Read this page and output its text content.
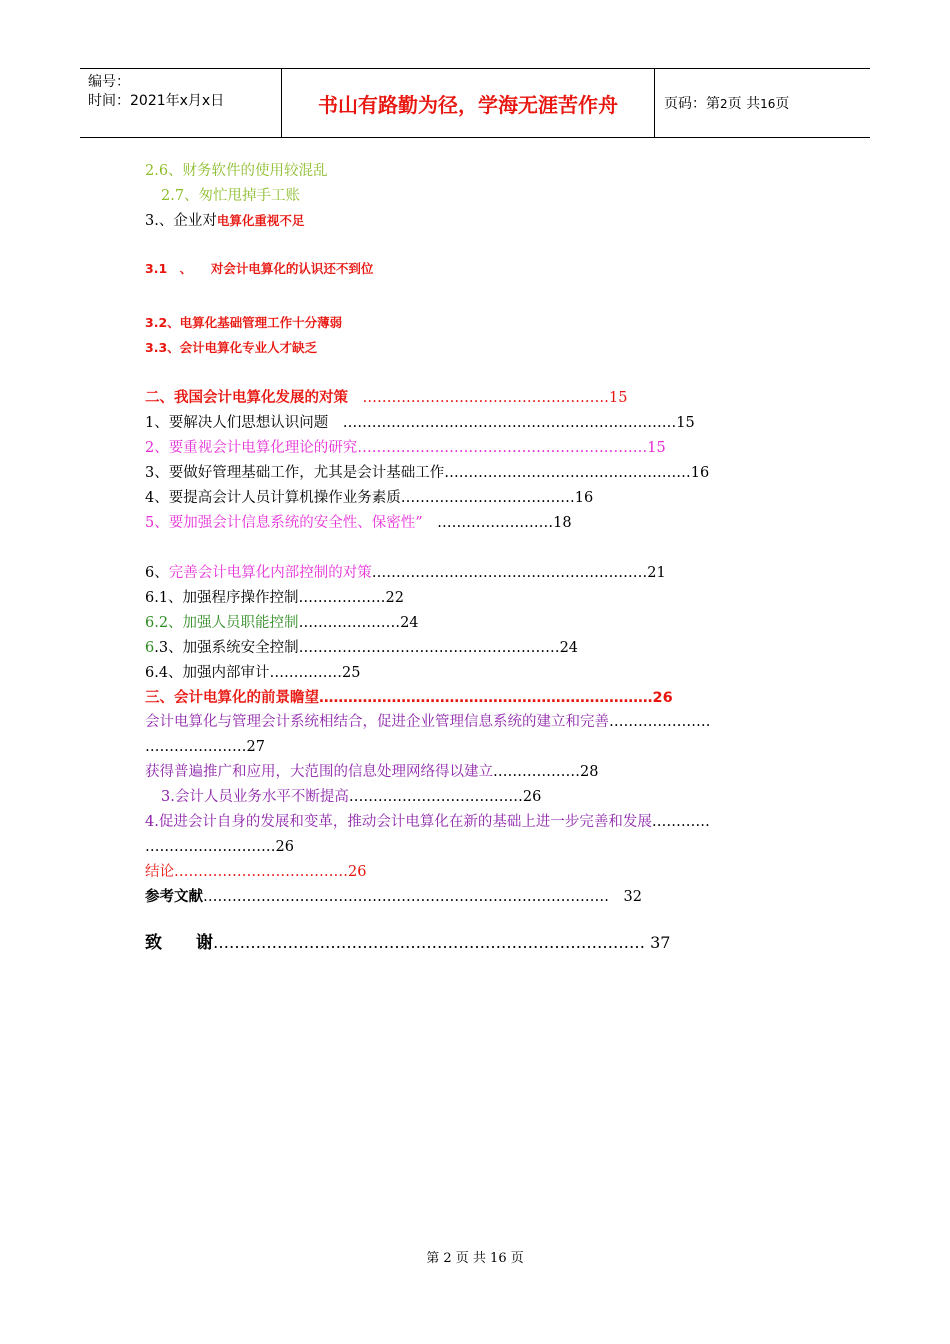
编号：
时间：2021年x月x日	书山有路勤为径，学海无涯苦作舟	页码：第2页 共16页
2.6、财务软件的使用较混乱
2.7、匆忙甩掉手工账
3.、企业对电算化重视不足
3.1　、　　对会计电算化的认识还不到位
3.2、电算化基础管理工作十分薄弱
3.3、会计电算化专业人才缺乏
二、我国会计电算化发展的对策　……………………………………………15
1、要解决人们思想认识问题　……………………………………………………………15
2、要重视会计电算化理论的研究……………………………………………………15
3、要做好管理基础工作，尤其是会计基础工作……………………………………………16
4、要提高会计人员计算机操作业务素质………………………………16
5、要加强会计信息系统的安全性、保密性”　……………………18
6、完善会计电算化内部控制的对策…………………………………………………21
6.1、加强程序操作控制………………22
6.2、加强人员职能控制…………………24
6.3、加强系统安全控制………………………………………………24
6.4、加强内部审计……………25
三、会计电算化的前景瞻望……………………………………………………………26
会计电算化与管理会计系统相结合，促进企业管理信息系统的建立和完善…………………
…………………27
获得普遍推广和应用，大范围的信息处理网络得以建立………………28
3.会计人员业务水平不断提高………………………………26
4.促进会计自身的发展和变革，推动会计电算化在新的基础上进一步完善和发展…………
………………………26
结论………………………………26
参考文献…………………………………………………………………………　32
致　　谢……………………………………………………………………… 37
第 2 页 共 16 页
